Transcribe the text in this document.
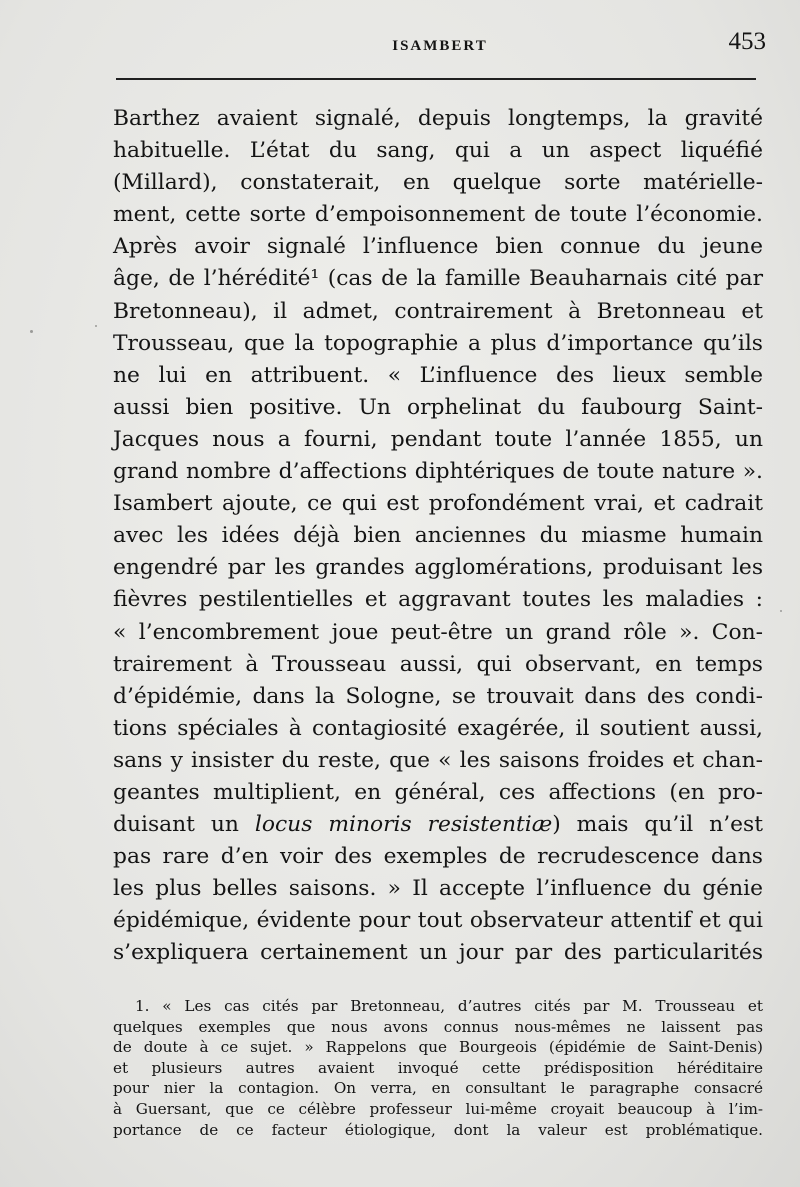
ISAMBERT	453
Barthez avaient signalé, depuis longtemps, la gravité
habituelle. L’état du sang, qui a un aspect liquéfié
(Millard), constaterait, en quelque sorte matérielle-
ment, cette sorte d’empoisonnement de toute l’économie.
Après avoir signalé l’influence bien connue du jeune
âge, de l’hérédité¹ (cas de la famille Beauharnais cité par
Bretonneau), il admet, contrairement à Bretonneau et
Trousseau, que la topographie a plus d’importance qu’ils
ne lui en attribuent. « L’influence des lieux semble
aussi bien positive. Un orphelinat du faubourg Saint-
Jacques nous a fourni, pendant toute l’année 1855, un
grand nombre d’affections diphtériques de toute nature ».
Isambert ajoute, ce qui est profondément vrai, et cadrait
avec les idées déjà bien anciennes du miasme humain
engendré par les grandes agglomérations, produisant les
fièvres pestilentielles et aggravant toutes les maladies :
« l’encombrement joue peut-être un grand rôle ». Con-
trairement à Trousseau aussi, qui observant, en temps
d’épidémie, dans la Sologne, se trouvait dans des condi-
tions spéciales à contagiosité exagérée, il soutient aussi,
sans y insister du reste, que « les saisons froides et chan-
geantes multiplient, en général, ces affections (en pro-
duisant un locus minoris resistentiæ) mais qu’il n’est
pas rare d’en voir des exemples de recrudescence dans
les plus belles saisons. » Il accepte l’influence du génie
épidémique, évidente pour tout observateur attentif et qui
s’expliquera certainement un jour par des particularités
1. « Les cas cités par Bretonneau, d’autres cités par M. Trousseau et
quelques exemples que nous avons connus nous-mêmes ne laissent pas
de doute à ce sujet. » Rappelons que Bourgeois (épidémie de Saint-Denis)
et plusieurs autres avaient invoqué cette prédisposition héréditaire
pour nier la contagion. On verra, en consultant le paragraphe consacré
à Guersant, que ce célèbre professeur lui-même croyait beaucoup à l’im-
portance de ce facteur étiologique, dont la valeur est problématique.
